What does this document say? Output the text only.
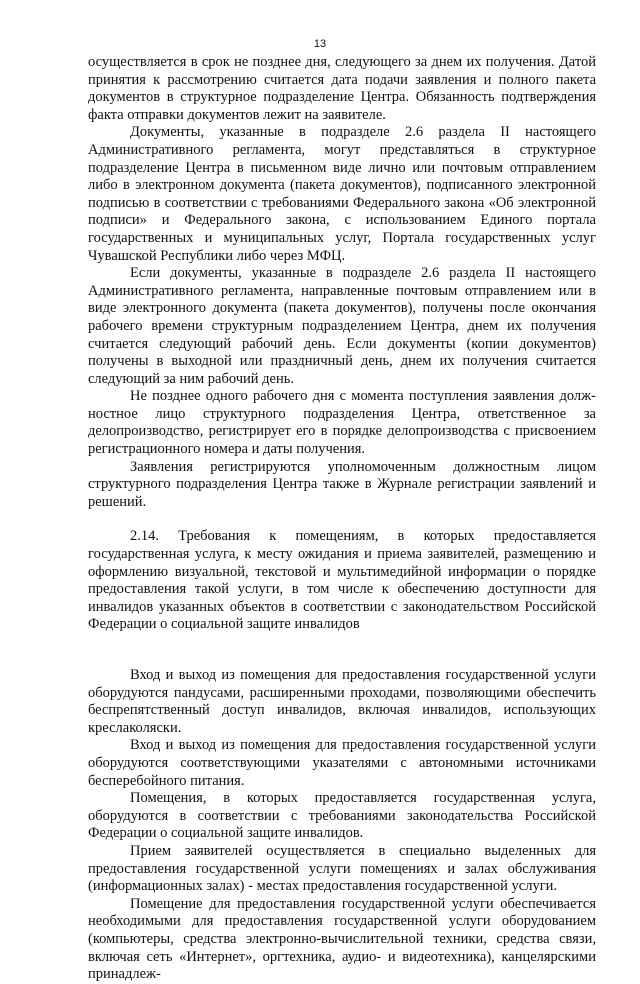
13

осуществляется в срок не позднее дня, следующего за днем их получения. Датой принятия к рассмотрению считается дата подачи заявления и полного пакета документов в структурное подразделение Центра. Обязанность подтверждения факта отправки документов лежит на заявителе.

Документы, указанные в подразделе 2.6 раздела II настоящего Административного регламента, могут представляться в структурное подразделение Центра в письменном виде лично или почтовым отправлением либо в электронном документа (пакета документов), подписанного электронной подписью в соответствии с требованиями Федерального закона «Об электронной подписи» и Федерального закона, с использованием Единого портала государственных и муниципальных услуг, Портала государственных услуг Чувашской Республики либо через МФЦ.

Если документы, указанные в подразделе 2.6 раздела II настоящего Административного регламента, направленные почтовым отправлением или в виде электронного документа (пакета документов), получены после окончания рабочего времени структурным подразделением Центра, днем их получения считается следующий рабочий день. Если документы (копии документов) получены в выходной или праздничный день, днем их получения считается следующий за ним рабочий день.

Не позднее одного рабочего дня с момента поступления заявления должностное лицо структурного подразделения Центра, ответственное за делопроизводство, регистрирует его в порядке делопроизводства с присвоением регистрационного номера и даты получения.

Заявления регистрируются уполномоченным должностным лицом структурного подразделения Центра также в Журнале регистрации заявлений и решений.

2.14. Требования к помещениям, в которых предоставляется государственная услуга, к месту ожидания и приема заявителей, размещению и оформлению визуальной, текстовой и мультимедийной информации о порядке предоставления такой услуги, в том числе к обеспечению доступности для инвалидов указанных объектов в соответствии с законодательством Российской Федерации о социальной защите инвалидов

Вход и выход из помещения для предоставления государственной услуги оборудуются пандусами, расширенными проходами, позволяющими обеспечить беспрепятственный доступ инвалидов, включая инвалидов, использующих креслаколяски.

Вход и выход из помещения для предоставления государственной услуги оборудуются соответствующими указателями с автономными источниками бесперебойного питания.

Помещения, в которых предоставляется государственная услуга, оборудуются в соответствии с требованиями законодательства Российской Федерации о социальной защите инвалидов.

Прием заявителей осуществляется в специально выделенных для предоставления государственной услуги помещениях и залах обслуживания (информационных залах) - местах предоставления государственной услуги.

Помещение для предоставления государственной услуги обеспечивается необходимыми для предоставления государственной услуги оборудованием (компьютеры, средства электронно-вычислительной техники, средства связи, включая сеть «Интернет», оргтехника, аудио- и видеотехника), канцелярскими принадлеж-
